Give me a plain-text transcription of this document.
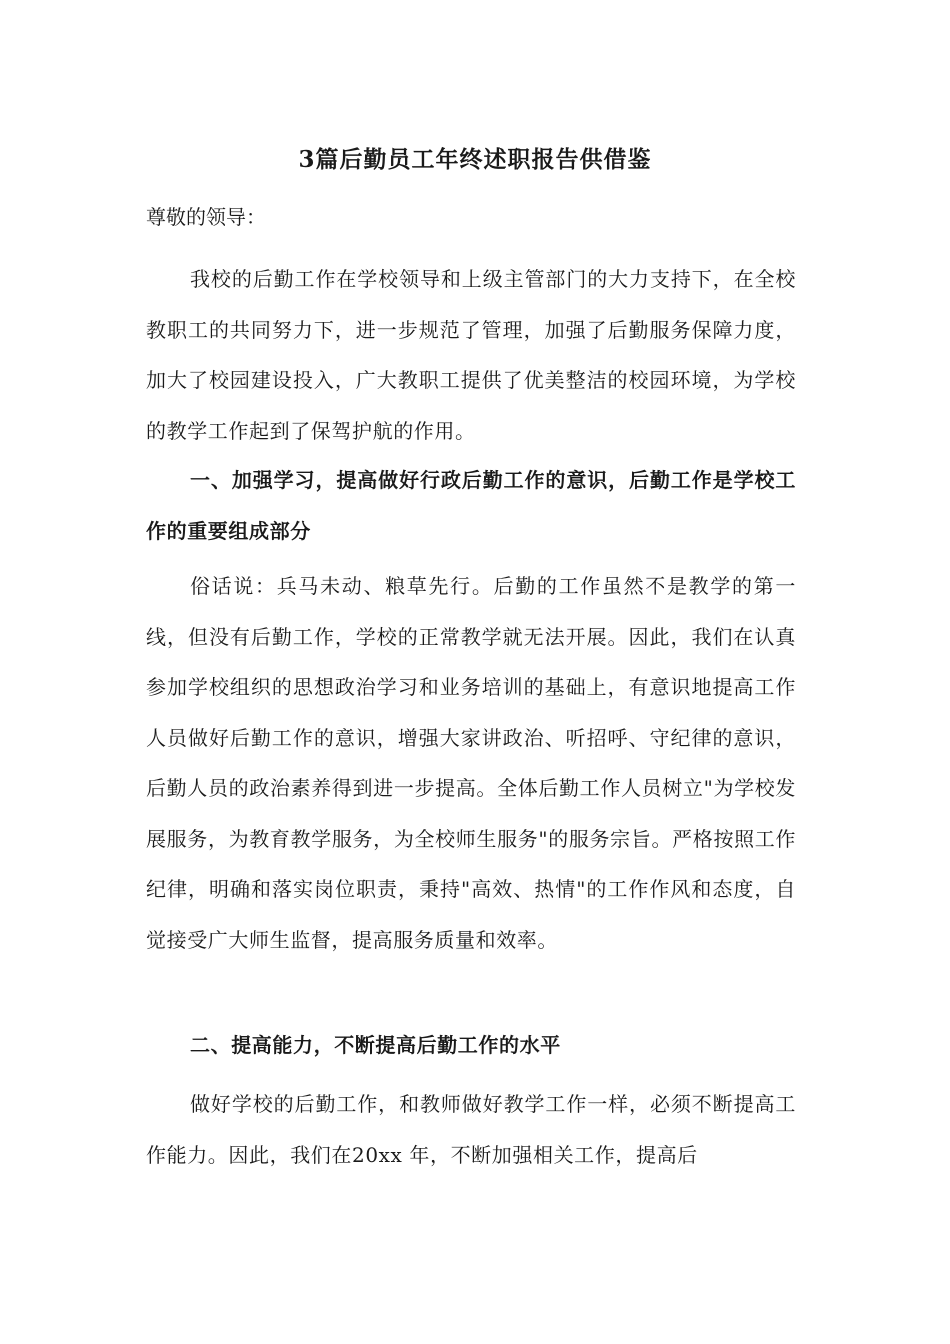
3篇后勤员工年终述职报告供借鉴
尊敬的领导：
我校的后勤工作在学校领导和上级主管部门的大力支持下，在全校教职工的共同努力下，进一步规范了管理，加强了后勤服务保障力度，加大了校园建设投入，广大教职工提供了优美整洁的校园环境，为学校的教学工作起到了保驾护航的作用。
一、加强学习，提高做好行政后勤工作的意识，后勤工作是学校工作的重要组成部分
俗话说：兵马未动、粮草先行。后勤的工作虽然不是教学的第一线，但没有后勤工作，学校的正常教学就无法开展。因此，我们在认真参加学校组织的思想政治学习和业务培训的基础上，有意识地提高工作人员做好后勤工作的意识，增强大家讲政治、听招呼、守纪律的意识，后勤人员的政治素养得到进一步提高。全体后勤工作人员树立"为学校发展服务，为教育教学服务，为全校师生服务"的服务宗旨。严格按照工作纪律，明确和落实岗位职责，秉持"高效、热情"的工作作风和态度，自觉接受广大师生监督，提高服务质量和效率。
二、提高能力，不断提高后勤工作的水平
做好学校的后勤工作，和教师做好教学工作一样，必须不断提高工作能力。因此，我们在20xx 年，不断加强相关工作，提高后
